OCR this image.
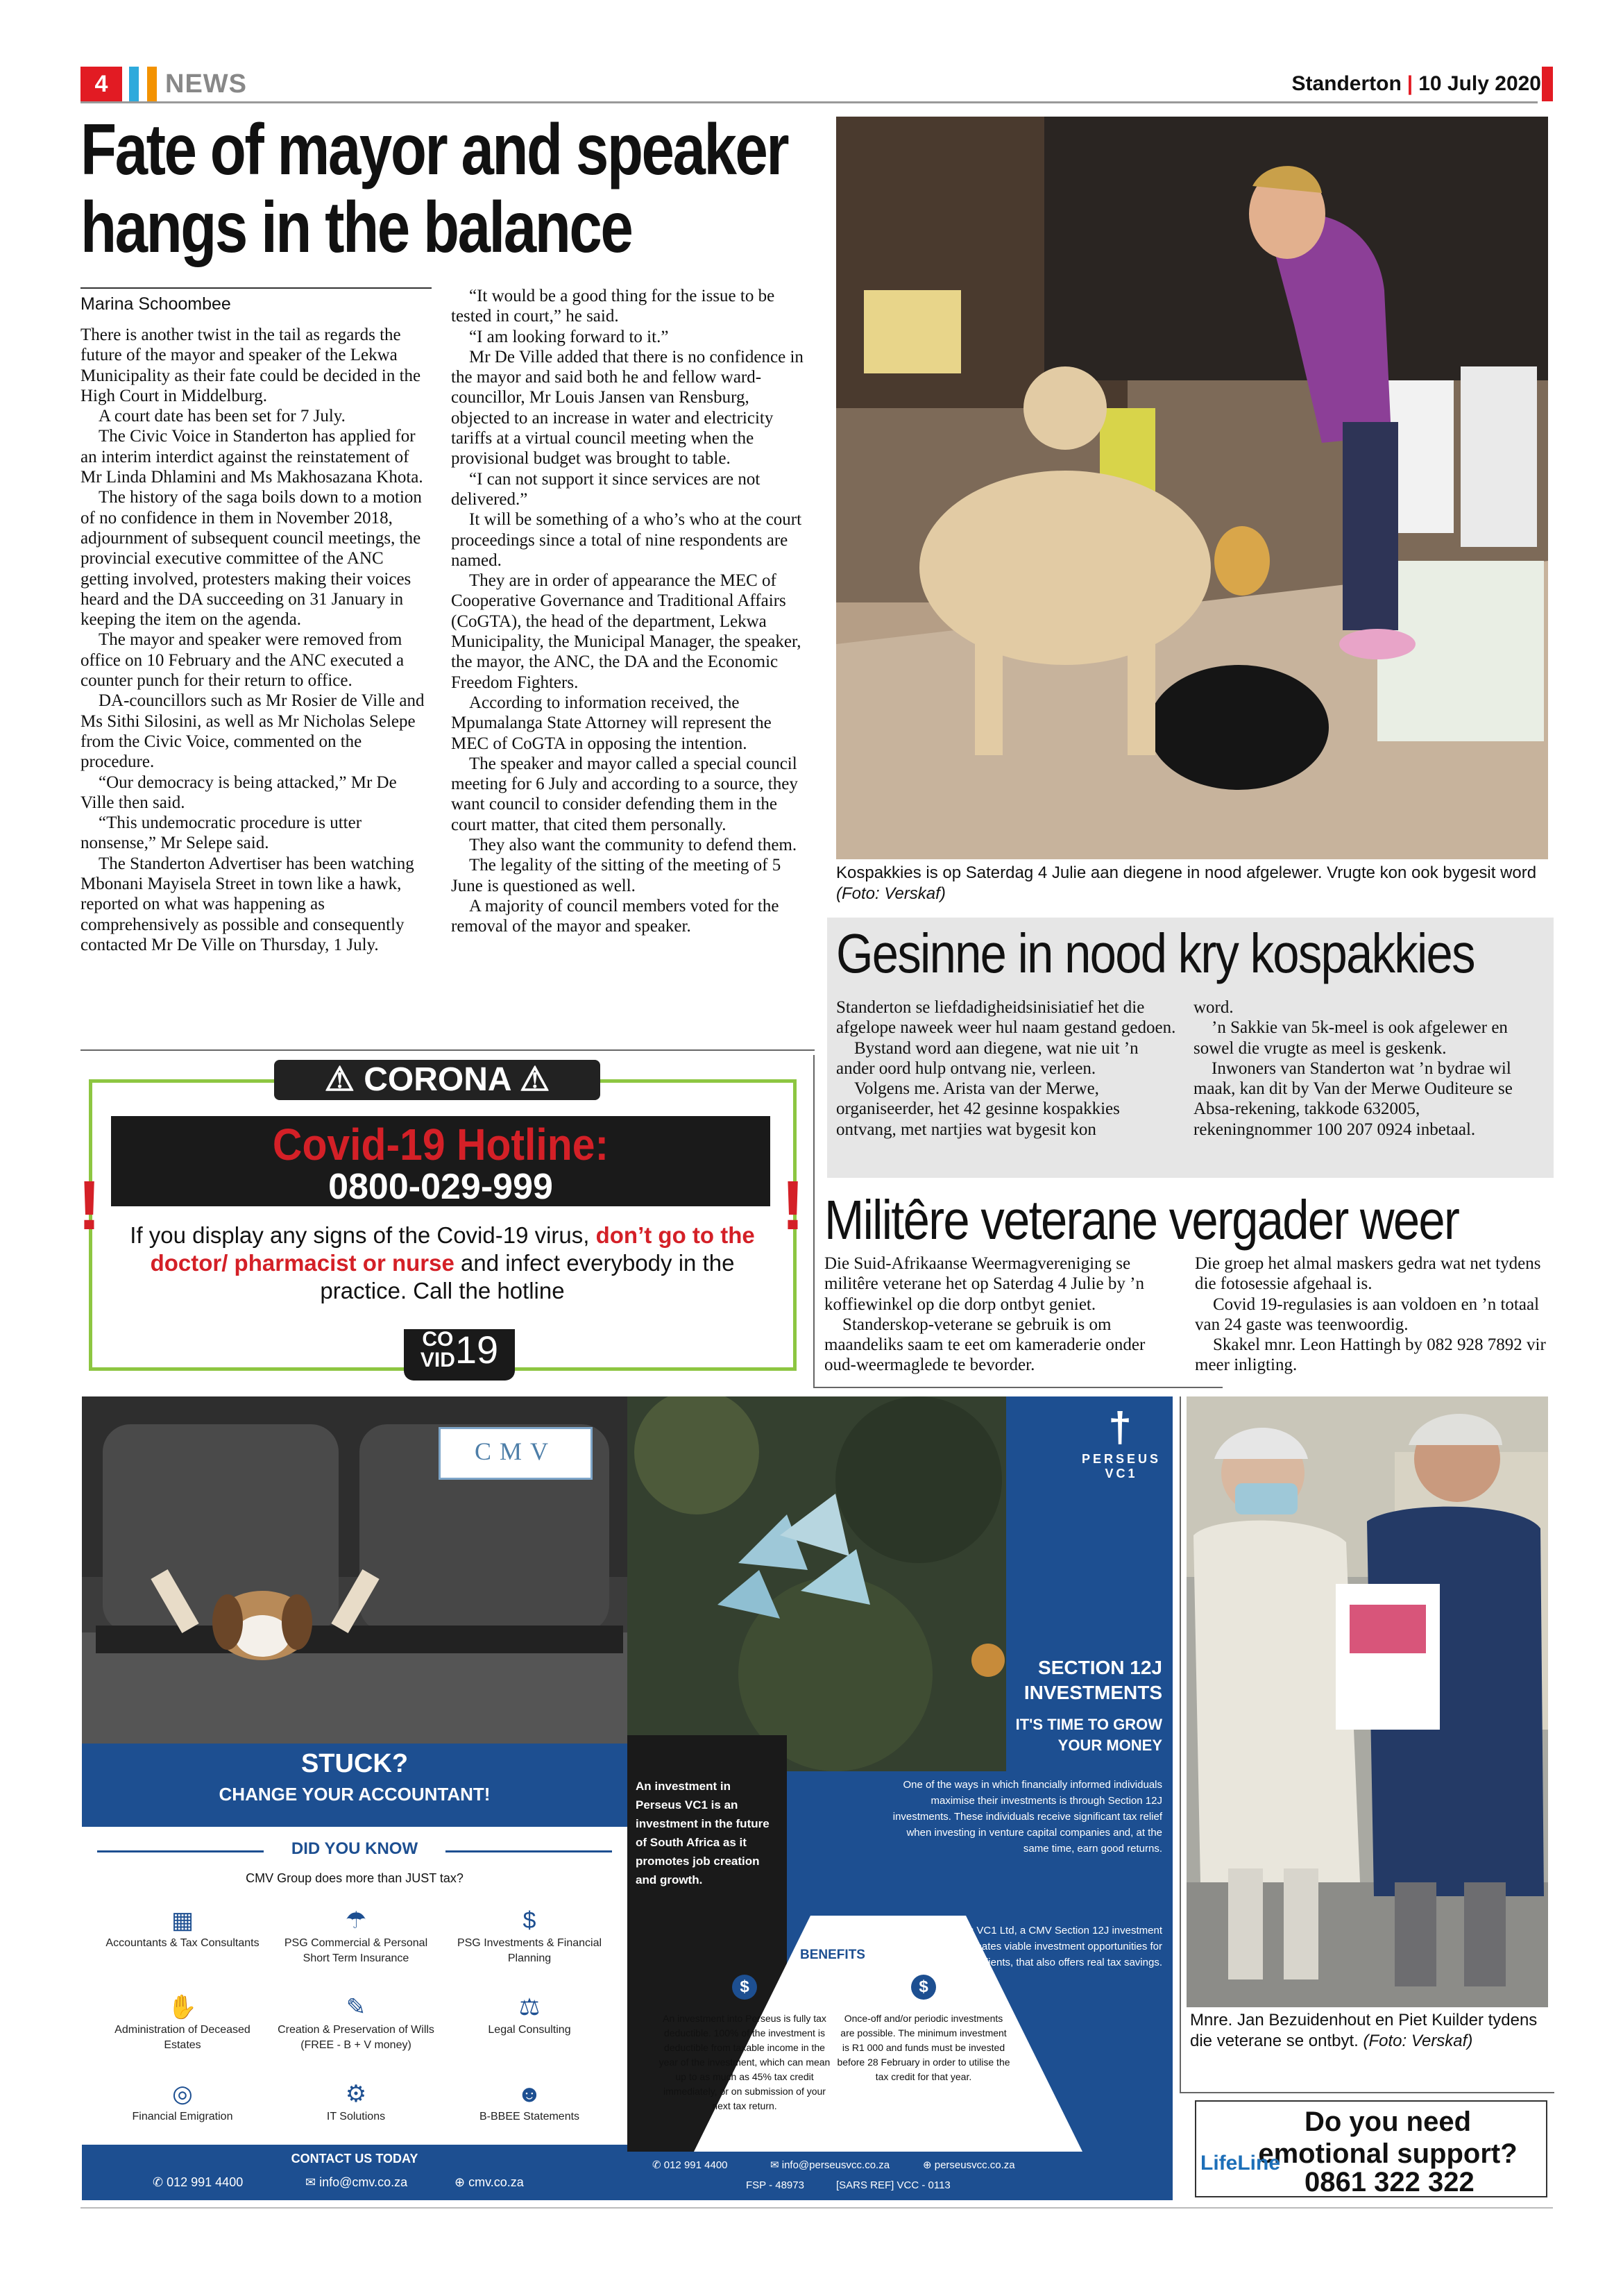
4	NEWS	Standerton | 10 July 2020
Fate of mayor and speaker
hangs in the balance
Marina Schoombee

There is another twist in the tail as regards the future of the mayor and speaker of the Lekwa Municipality as their fate could be decided in the High Court in Middelburg.

A court date has been set for 7 July.

The Civic Voice in Standerton has applied for an interim interdict against the reinstatement of Mr Linda Dhlamini and Ms Makhosazana Khota.

The history of the saga boils down to a motion of no confidence in them in November 2018, adjournment of subsequent council meetings, the provincial executive committee of the ANC getting involved, protesters making their voices heard and the DA succeeding on 31 January in keeping the item on the agenda.

The mayor and speaker were removed from office on 10 February and the ANC executed a counter punch for their return to office.

DA-councillors such as Mr Rosier de Ville and Ms Sithi Silosini, as well as Mr Nicholas Selepe from the Civic Voice, commented on the procedure.

“Our democracy is being attacked,” Mr De Ville then said.

“This undemocratic procedure is utter nonsense,” Mr Selepe said.

The Standerton Advertiser has been watching Mbonani Mayisela Street in town like a hawk, reported on what was happening as comprehensively as possible and consequently contacted Mr De Ville on Thursday, 1 July.

“It would be a good thing for the issue to be tested in court,” he said.

“I am looking forward to it.”

Mr De Ville added that there is no confidence in the mayor and said both he and fellow ward-councillor, Mr Louis Jansen van Rensburg, objected to an increase in water and electricity tariffs at a virtual council meeting when the provisional budget was brought to table.

“I can not support it since services are not delivered.”

It will be something of a who’s who at the court proceedings since a total of nine respondents are named.

They are in order of appearance the MEC of Cooperative Governance and Traditional Affairs (CoGTA), the head of the department, Lekwa Municipality, the Municipal Manager, the speaker, the mayor, the ANC, the DA and the Economic Freedom Fighters.

According to information received, the Mpumalanga State Attorney will represent the MEC of CoGTA in opposing the intention.

The speaker and mayor called a special council meeting for 6 July and according to a source, they want council to consider defending them in the court matter, that cited them personally.

They also want the community to defend them.

The legality of the sitting of the meeting of 5 June is questioned as well.

A majority of council members voted for the removal of the mayor and speaker.

Kospakkies is op Saterdag 4 Julie aan diegene in nood afgelewer. Vrugte kon ook bygesit word (Foto: Verskaf)
Gesinne in nood kry kospakkies

Standerton se liefdadigheidsinisiatief het die afgelope naweek weer hul naam gestand gedoen.

Bystand word aan diegene, wat nie uit ’n ander oord hulp ontvang nie, verleen.

Volgens me. Arista van der Merwe, organiseerder, het 42 gesinne kospakkies ontvang, met nartjies wat bygesit kon

word.

’n Sakkie van 5k-meel is ook afgelewer en sowel die vrugte as meel is geskenk.

Inwoners van Standerton wat ’n bydrae wil maak, kan dit by Van der Merwe Ouditeure se Absa-rekening, takkode 632005, rekeningnommer 100 207 0924 inbetaal.

Militêre veterane vergader weer

Die Suid-Afrikaanse Weermagvereniging se militêre veterane het op Saterdag 4 Julie by ’n koffiewinkel op die dorp ontbyt geniet.

Standerskop-veterane se gebruik is om maandeliks saam te eet om kameraderie onder oud-weermaglede te bevorder.

Die groep het almal maskers gedra wat net tydens die fotosessie afgehaal is.

Covid 19-regulasies is aan voldoen en ’n totaal van 24 gaste was teenwoordig.

Skakel mnr. Leon Hattingh by 082 928 7892 vir meer inligting.

⚠ CORONA ⚠
Covid-19 Hotline:
0800-029-999
!	!
If you display any signs of the Covid-19 virus, don’t go to the doctor/ pharmacist or nurse and infect everybody in the practice. Call the hotline
CO
VID 19
CMV
STUCK?
CHANGE YOUR ACCOUNTANT!
DID YOU KNOW
CMV Group does more than JUST tax?
▦
Accountants & Tax Consultants
☂
PSG Commercial & Personal Short Term Insurance
$
PSG Investments & Financial Planning
✋
Administration of Deceased Estates
✎
Creation & Preservation of Wills (FREE - B + V money)
⚖
Legal Consulting
◎
Financial Emigration
⚙
IT Solutions
☻
B-BBEE Statements
CONTACT US TODAY
✆ 012 991 4400	✉ info@cmv.co.za	⊕ cmv.co.za
†
PERSEUS
VC1
SECTION 12J
INVESTMENTS
IT'S TIME TO GROW
YOUR MONEY
One of the ways in which financially informed individuals maximise their investments is through Section 12J investments. These individuals receive significant tax relief when investing in venture capital companies and, at the same time, earn good returns.
Perseus VC1 Ltd, a CMV Section 12J investment company, creates viable investment opportunities for our valued clients, that also offers real tax savings.
An investment in Perseus VC1 is an investment in the future of South Africa as it promotes job creation and growth.
BENEFITS
$	$
An investment into Perseus is fully tax deductible. 100% of the investment is deductible from taxable income in the year of the investment, which can mean up to as much as 45% tax credit immediately, or on submission of your next tax return.
Once-off and/or periodic investments are possible. The minimum investment is R1 000 and funds must be invested before 28 February in order to utilise the tax credit for that year.
✆ 012 991 4400	✉ info@perseusvcc.co.za	⊕ perseusvcc.co.za
FSP - 48973	[SARS REF] VCC - 0113
Mnre. Jan Bezuidenhout en Piet Kuilder tydens die veterane se ontbyt. (Foto: Verskaf)
Do you need emotional support?
LifeLine
0861 322 322
